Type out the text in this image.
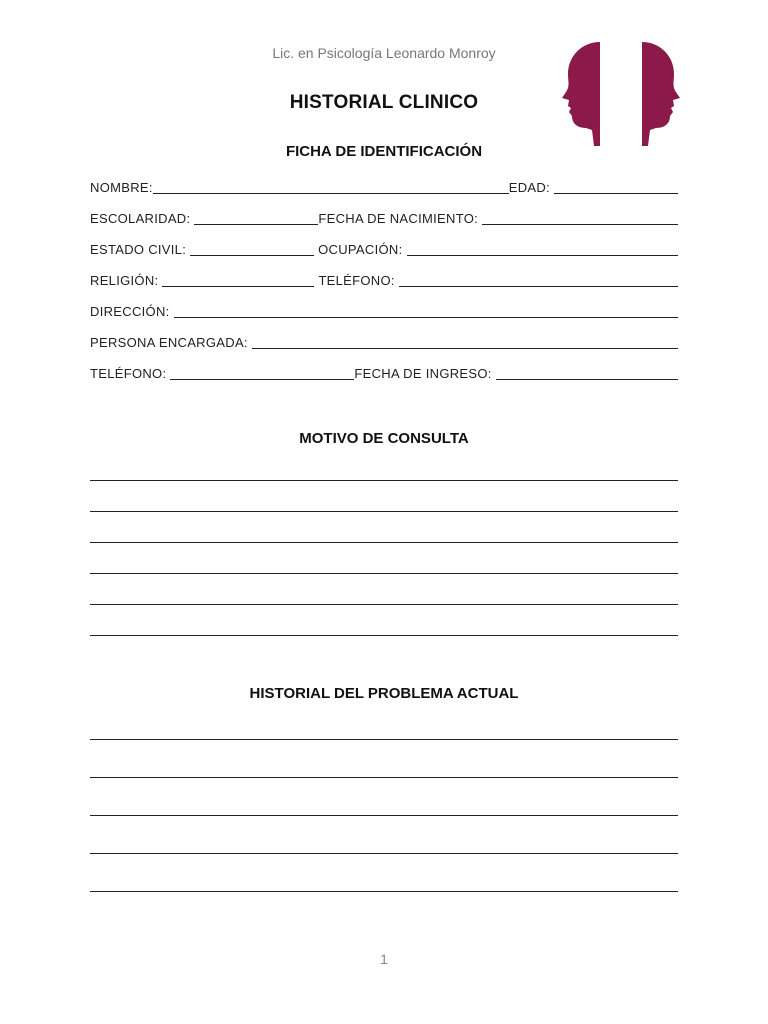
Lic. en Psicología Leonardo Monroy
HISTORIAL CLINICO
FICHA DE IDENTIFICACIÓN
NOMBRE:	EDAD:
ESCOLARIDAD:	FECHA DE NACIMIENTO:
ESTADO CIVIL:	OCUPACIÓN:
RELIGIÓN:	TELÉFONO:
DIRECCIÓN:
PERSONA ENCARGADA:
TELÉFONO:	FECHA DE INGRESO:
MOTIVO DE CONSULTA
HISTORIAL DEL PROBLEMA ACTUAL
1
